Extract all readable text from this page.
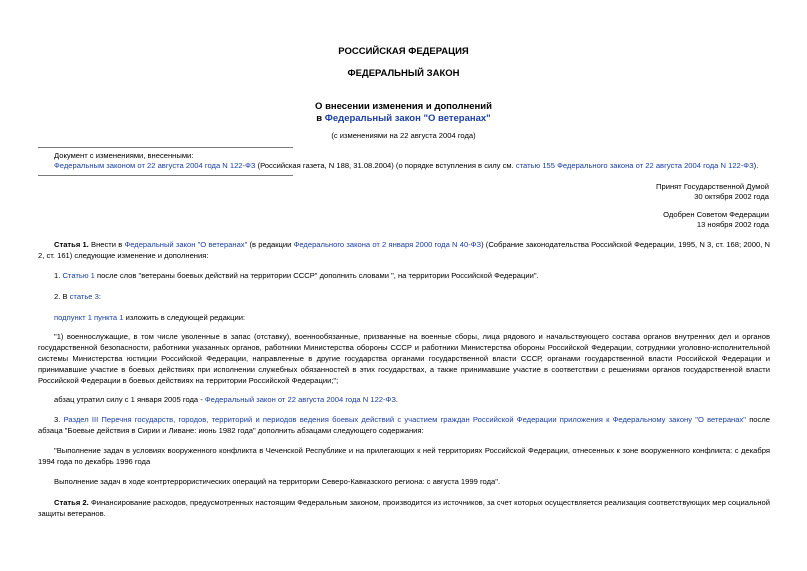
РОССИЙСКАЯ ФЕДЕРАЦИЯ
ФЕДЕРАЛЬНЫЙ ЗАКОН
О внесении изменения и дополнений
в Федеральный закон "О ветеранах"
(с изменениями на 22 августа 2004 года)
Документ с изменениями, внесенными:
Федеральным законом от 22 августа 2004 года N 122-ФЗ (Российская газета, N 188, 31.08.2004) (о порядке вступления в силу см. статью 155 Федерального закона от 22 августа 2004 года N 122-ФЗ).
Принят Государственной Думой
30 октября 2002 года
Одобрен Советом Федерации
13 ноября 2002 года
Статья 1. Внести в Федеральный закон "О ветеранах" (в редакции Федерального закона от 2 января 2000 года N 40-ФЗ) (Собрание законодательства Российской Федерации, 1995, N 3, ст. 168; 2000, N 2, ст. 161) следующие изменение и дополнения:
1. Статью 1 после слов "ветераны боевых действий на территории СССР" дополнить словами ", на территории Российской Федерации".
2. В статье 3:
подпункт 1 пункта 1 изложить в следующей редакции:
"1) военнослужащие, в том числе уволенные в запас (отставку), военнообязанные, призванные на военные сборы, лица рядового и начальствующего состава органов внутренних дел и органов государственной безопасности, работники указанных органов, работники Министерства обороны СССР и работники Министерства обороны Российской Федерации, сотрудники уголовно-исполнительной системы Министерства юстиции Российской Федерации, направленные в другие государства органами государственной власти СССР, органами государственной власти Российской Федерации и принимавшие участие в боевых действиях при исполнении служебных обязанностей в этих государствах, а также принимавшие участие в соответствии с решениями органов государственной власти Российской Федерации в боевых действиях на территории Российской Федерации;";
абзац утратил силу с 1 января 2005 года - Федеральный закон от 22 августа 2004 года N 122-ФЗ.
3. Раздел III Перечня государств, городов, территорий и периодов ведения боевых действий с участием граждан Российской Федерации приложения к Федеральному закону "О ветеранах" после абзаца "Боевые действия в Сирии и Ливане: июнь 1982 года" дополнить абзацами следующего содержания:
"Выполнение задач в условиях вооруженного конфликта в Чеченской Республике и на прилегающих к ней территориях Российской Федерации, отнесенных к зоне вооруженного конфликта: с декабря 1994 года по декабрь 1996 года
Выполнение задач в ходе контртеррористических операций на территории Северо-Кавказского региона: с августа 1999 года".
Статья 2. Финансирование расходов, предусмотренных настоящим Федеральным законом, производится из источников, за счет которых осуществляется реализация соответствующих мер социальной защиты ветеранов.
